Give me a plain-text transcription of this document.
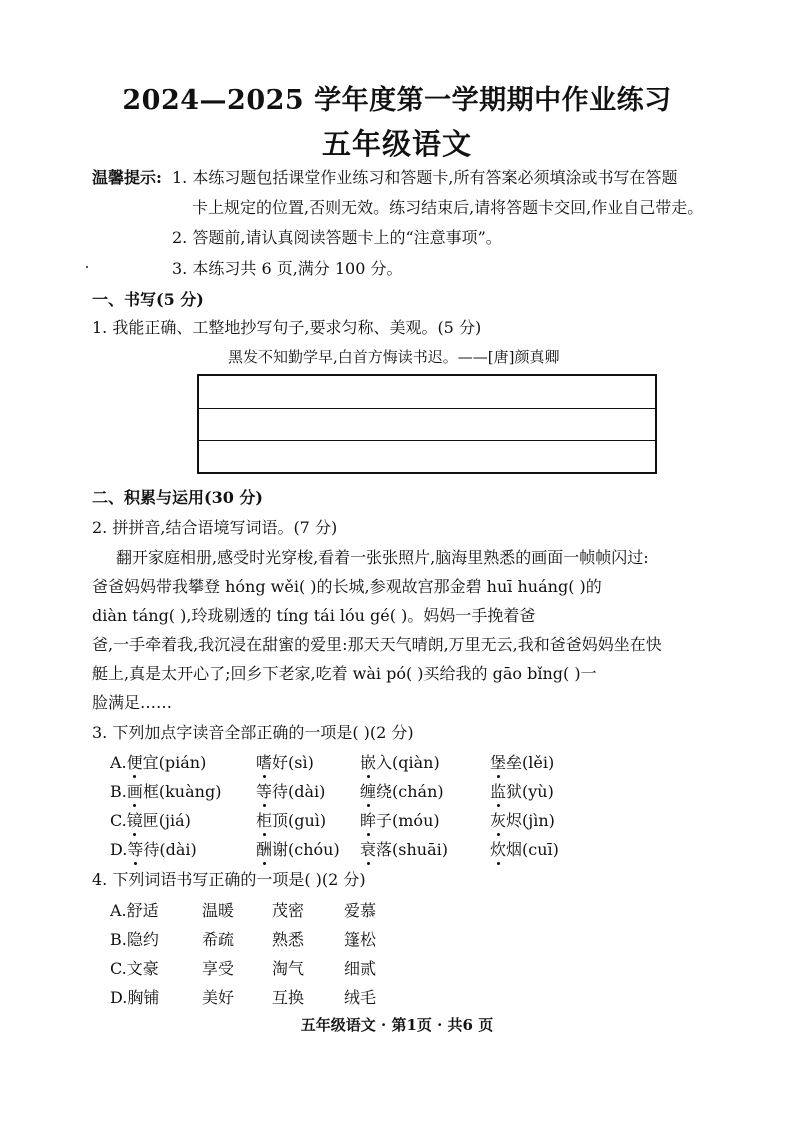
2024—2025 学年度第一学期期中作业练习
五年级语文
温馨提示: 1. 本练习题包括课堂作业练习和答题卡,所有答案必须填涂或书写在答题
卡上规定的位置,否则无效。练习结束后,请将答题卡交回,作业自己带走。
2. 答题前,请认真阅读答题卡上的“注意事项”。
3. 本练习共 6 页,满分 100 分。
一、书写(5 分)
1. 我能正确、工整地抄写句子,要求匀称、美观。(5 分)
黑发不知勤学早,白首方悔读书迟。——[唐]颜真卿
二、积累与运用(30 分)
2. 拼拼音,结合语境写词语。(7 分)
翻开家庭相册,感受时光穿梭,看着一张张照片,脑海里熟悉的画面一帧帧闪过:
爸爸妈妈带我攀登 hóng wěi( )的长城,参观故宫那金碧 huī huáng( )的
diàn táng( ),玲珑剔透的 tíng tái lóu gé( )。妈妈一手挽着爸
爸,一手牵着我,我沉浸在甜蜜的爱里:那天天气晴朗,万里无云,我和爸爸妈妈坐在快
艇上,真是太开心了;回乡下老家,吃着 wài pó( )买给我的 gāo bǐng( )一
脸满足……
3. 下列加点字读音全部正确的一项是( )(2 分)
A.便宜(pián)	嗜好(sì)	嵌入(qiàn)	堡垒(lěi)
B.画框(kuàng) 等待(dài) 缠绕(chán)	监狱(yù)
C.镜匣(jiá)	柜顶(guì) 眸子(móu)	灰烬(jìn)
D.等待(dài)	酬谢(chóu) 衰落(shuāi)	炊烟(cuī)
4. 下列词语书写正确的一项是( )(2 分)
A.舒适	温暖 茂密 爱慕
B.隐约	希疏 熟悉 篷松
C.文豪	享受 淘气 细贰
D.胸铺	美好 互换 绒毛
五年级语文 · 第1页 · 共6 页
